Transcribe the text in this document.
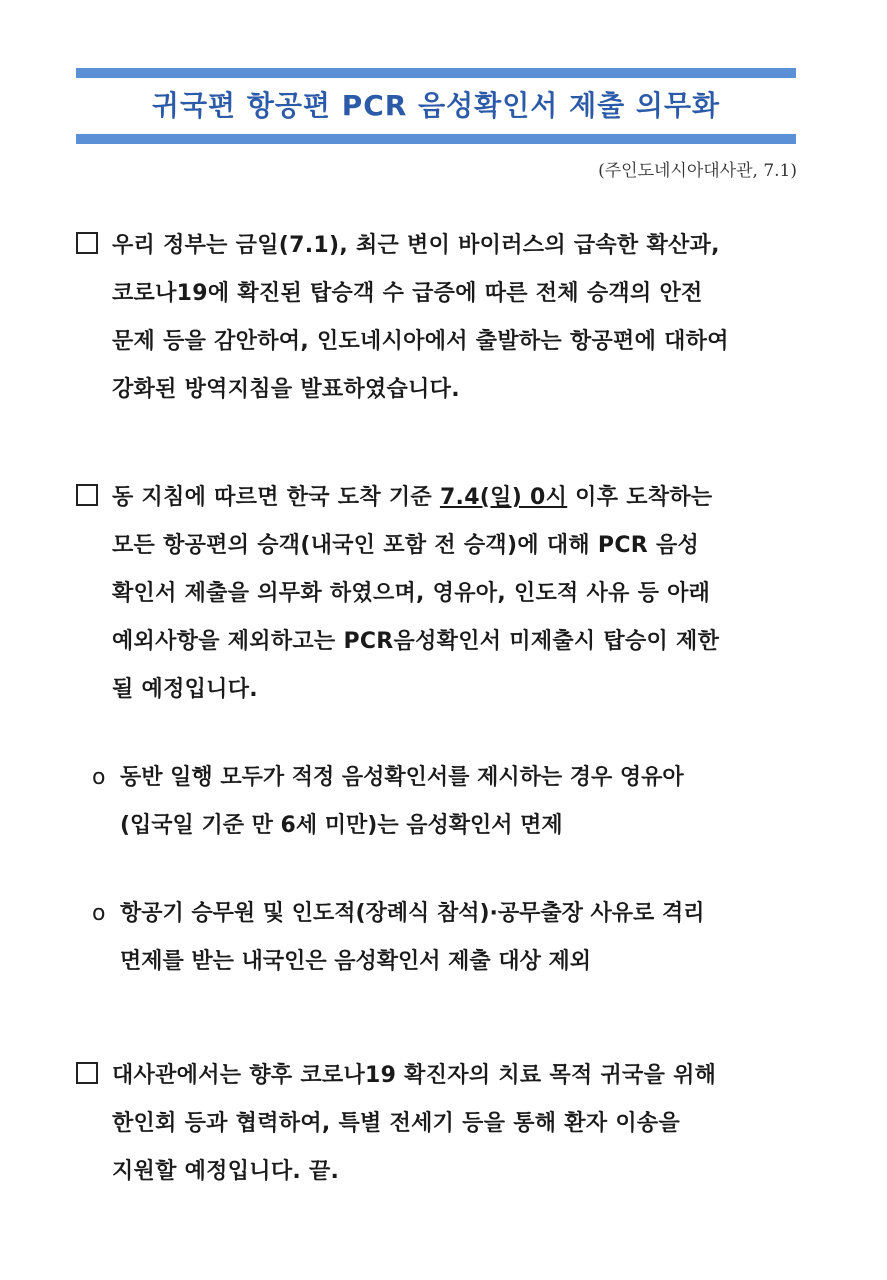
귀국편 항공편 PCR 음성확인서 제출 의무화
(주인도네시아대사관, 7.1)
우리 정부는 금일(7.1), 최근 변이 바이러스의 급속한 확산과,
코로나19에 확진된 탑승객 수 급증에 따른 전체 승객의 안전
문제 등을 감안하여, 인도네시아에서 출발하는 항공편에 대하여
강화된 방역지침을 발표하였습니다.
동 지침에 따르면 한국 도착 기준 7.4(일) 0시 이후 도착하는
모든 항공편의 승객(내국인 포함 전 승객)에 대해 PCR 음성
확인서 제출을 의무화 하였으며, 영유아, 인도적 사유 등 아래
예외사항을 제외하고는 PCR음성확인서 미제출시 탑승이 제한
될 예정입니다.
o 동반 일행 모두가 적정 음성확인서를 제시하는 경우 영유아
(입국일 기준 만 6세 미만)는 음성확인서 면제
o 항공기 승무원 및 인도적(장례식 참석)·공무출장 사유로 격리
면제를 받는 내국인은 음성확인서 제출 대상 제외
대사관에서는 향후 코로나19 확진자의 치료 목적 귀국을 위해
한인회 등과 협력하여, 특별 전세기 등을 통해 환자 이송을
지원할 예정입니다. 끝.
